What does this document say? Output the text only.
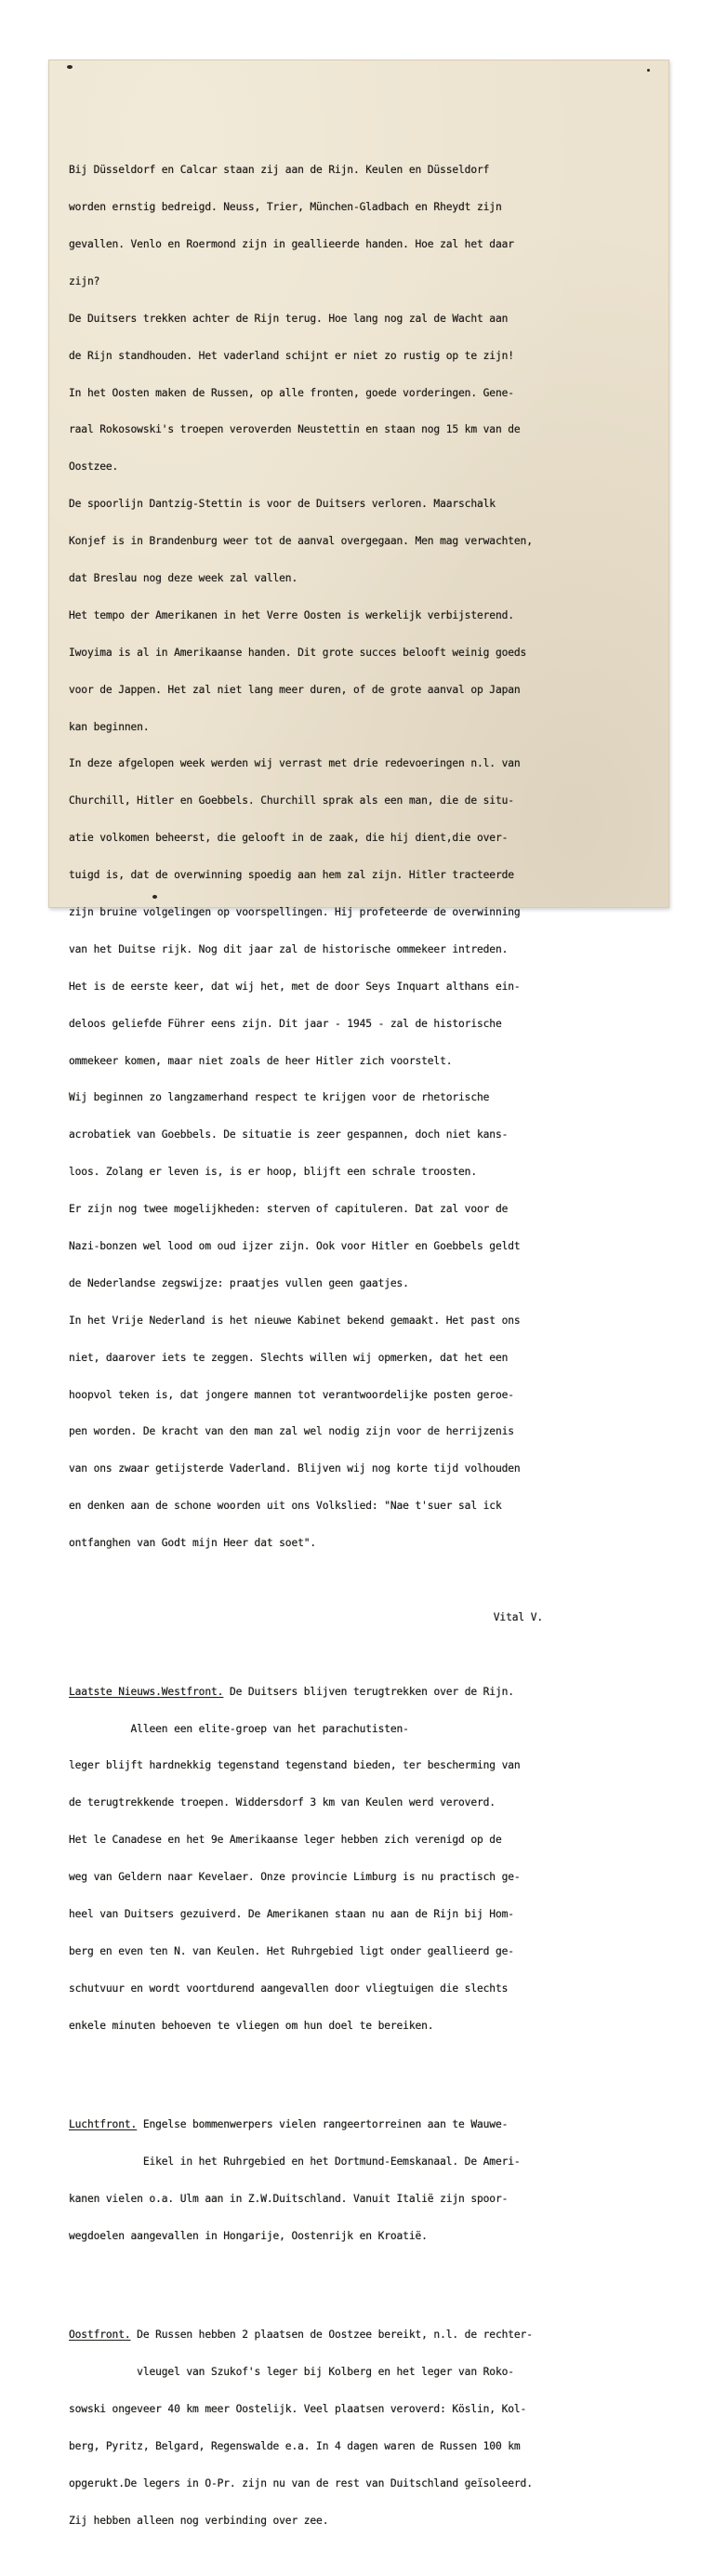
Bij Düsseldorf en Calcar staan zij aan de Rijn. Keulen en Düsseldorf

worden ernstig bedreigd. Neuss, Trier, München-Gladbach en Rheydt zijn

gevallen. Venlo en Roermond zijn in geallieerde handen. Hoe zal het daar

zijn?

De Duitsers trekken achter de Rijn terug. Hoe lang nog zal de Wacht aan

de Rijn standhouden. Het vaderland schijnt er niet zo rustig op te zijn!

In het Oosten maken de Russen, op alle fronten, goede vorderingen. Gene-

raal Rokosowski's troepen veroverden Neustettin en staan nog 15 km van de

Oostzee.

De spoorlijn Dantzig-Stettin is voor de Duitsers verloren. Maarschalk

Konjef is in Brandenburg weer tot de aanval overgegaan. Men mag verwachten,

dat Breslau nog deze week zal vallen.

Het tempo der Amerikanen in het Verre Oosten is werkelijk verbijsterend.

Iwoyima is al in Amerikaanse handen. Dit grote succes belooft weinig goeds

voor de Jappen. Het zal niet lang meer duren, of de grote aanval op Japan

kan beginnen.

In deze afgelopen week werden wij verrast met drie redevoeringen n.l. van

Churchill, Hitler en Goebbels. Churchill sprak als een man, die de situ-

atie volkomen beheerst, die gelooft in de zaak, die hij dient,die over-

tuigd is, dat de overwinning spoedig aan hem zal zijn. Hitler tracteerde

zijn bruine volgelingen op voorspellingen. Hij profeteerde de overwinning

van het Duitse rijk. Nog dit jaar zal de historische ommekeer intreden.

Het is de eerste keer, dat wij het, met de door Seys Inquart althans ein-

deloos geliefde Führer eens zijn. Dit jaar - 1945 - zal de historische

ommekeer komen, maar niet zoals de heer Hitler zich voorstelt.

Wij beginnen zo langzamerhand respect te krijgen voor de rhetorische

acrobatiek van Goebbels. De situatie is zeer gespannen, doch niet kans-

loos. Zolang er leven is, is er hoop, blijft een schrale troosten.

Er zijn nog twee mogelijkheden: sterven of capituleren. Dat zal voor de

Nazi-bonzen wel lood om oud ijzer zijn. Ook voor Hitler en Goebbels geldt

de Nederlandse zegswijze: praatjes vullen geen gaatjes.

In het Vrije Nederland is het nieuwe Kabinet bekend gemaakt. Het past ons

niet, daarover iets te zeggen. Slechts willen wij opmerken, dat het een

hoopvol teken is, dat jongere mannen tot verantwoordelijke posten geroe-

pen worden. De kracht van den man zal wel nodig zijn voor de herrijzenis

van ons zwaar getijsterde Vaderland. Blijven wij nog korte tijd volhouden

en denken aan de schone woorden uit ons Volkslied: "Nae t'suer sal ick

ontfanghen van Godt mijn Heer dat soet".

Vital V.

Laatste Nieuws.Westfront. De Duitsers blijven terugtrekken over de Rijn.

Alleen een elite-groep van het parachutisten-

leger blijft hardnekkig tegenstand tegenstand bieden, ter bescherming van

de terugtrekkende troepen. Widdersdorf 3 km van Keulen werd veroverd.

Het le Canadese en het 9e Amerikaanse leger hebben zich verenigd op de

weg van Geldern naar Kevelaer. Onze provincie Limburg is nu practisch ge-

heel van Duitsers gezuiverd. De Amerikanen staan nu aan de Rijn bij Hom-

berg en even ten N. van Keulen. Het Ruhrgebied ligt onder geallieerd ge-

schutvuur en wordt voortdurend aangevallen door vliegtuigen die slechts

enkele minuten behoeven te vliegen om hun doel te bereiken.

Luchtfront. Engelse bommenwerpers vielen rangeertorreinen aan te Wauwe-

Eikel in het Ruhrgebied en het Dortmund-Eemskanaal. De Ameri-

kanen vielen o.a. Ulm aan in Z.W.Duitschland. Vanuit Italië zijn spoor-

wegdoelen aangevallen in Hongarije, Oostenrijk en Kroatië.

Oostfront. De Russen hebben 2 plaatsen de Oostzee bereikt, n.l. de rechter-

vleugel van Szukof's leger bij Kolberg en het leger van Roko-

sowski ongeveer 40 km meer Oostelijk. Veel plaatsen veroverd: Köslin, Kol-

berg, Pyritz, Belgard, Regenswalde e.a. In 4 dagen waren de Russen 100 km

opgerukt.De legers in O-Pr. zijn nu van de rest van Duitschland geïsoleerd.

Zij hebben alleen nog verbinding over zee.
